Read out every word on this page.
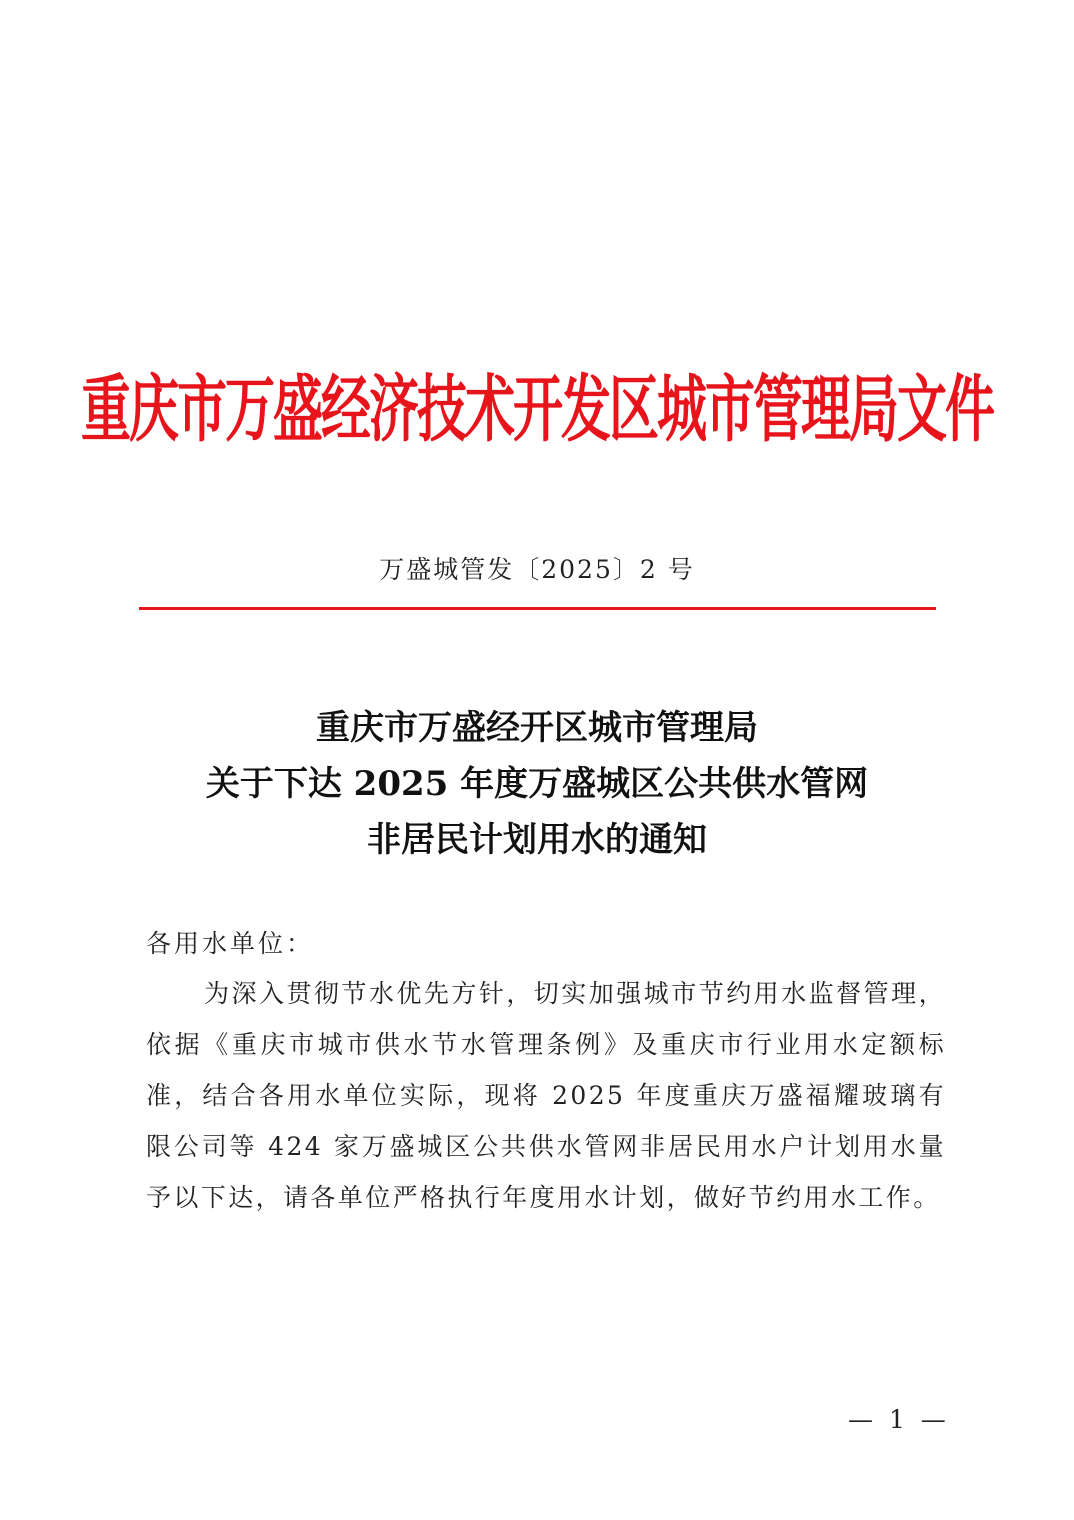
重庆市万盛经济技术开发区城市管理局文件
万盛城管发〔2025〕2 号
重庆市万盛经开区城市管理局
关于下达 2025 年度万盛城区公共供水管网
非居民计划用水的通知
各用水单位：
为深入贯彻节水优先方针，切实加强城市节约用水监督管理，依据《重庆市城市供水节水管理条例》及重庆市行业用水定额标准，结合各用水单位实际，现将 2025 年度重庆万盛福耀玻璃有限公司等 424 家万盛城区公共供水管网非居民用水户计划用水量予以下达，请各单位严格执行年度用水计划，做好节约用水工作。
— 1 —
